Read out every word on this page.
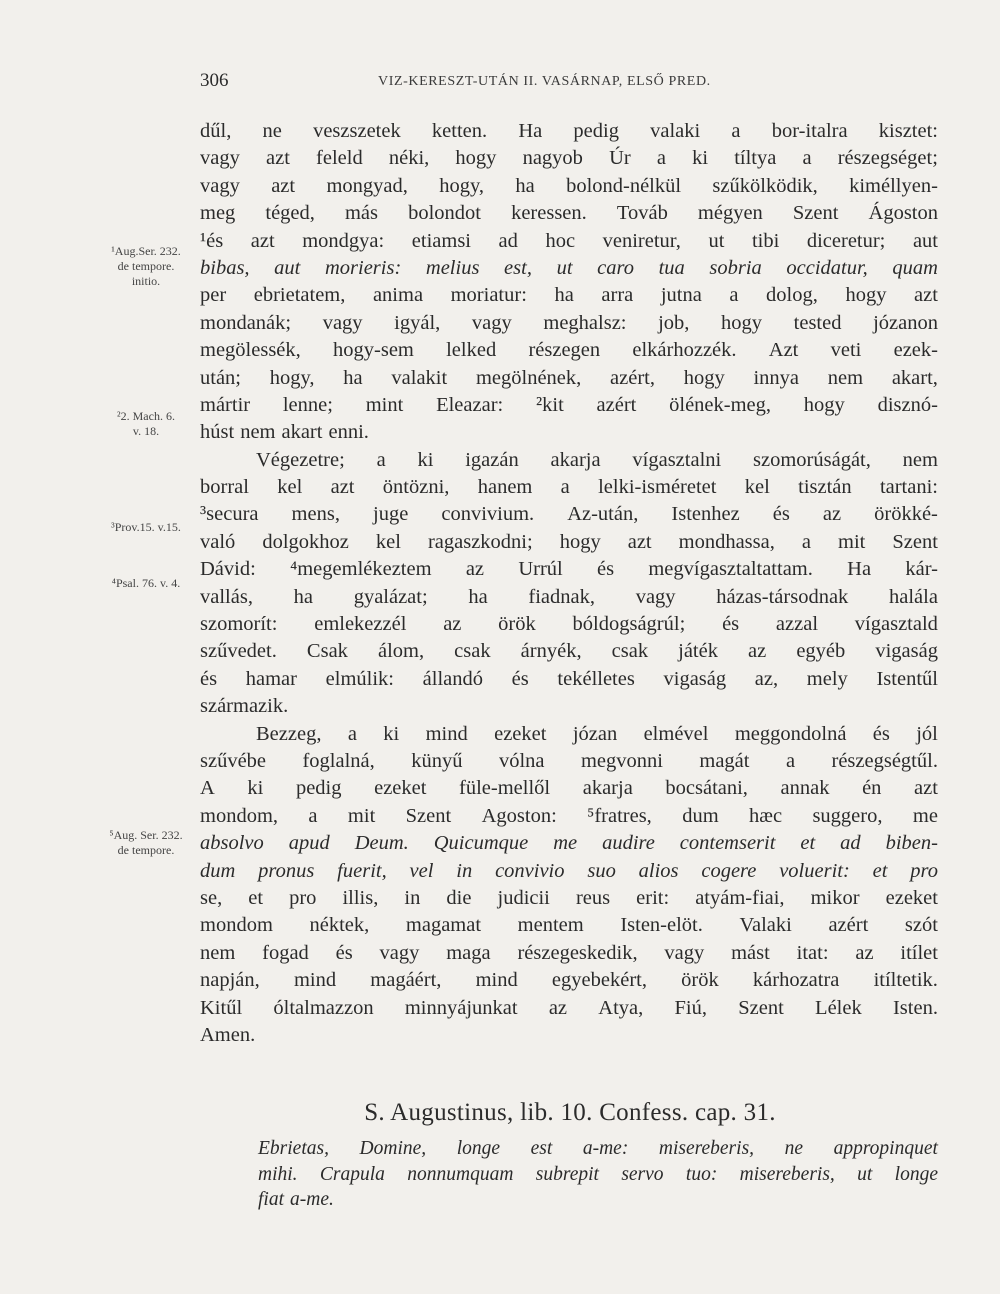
306	VIZ-KERESZT-UTÁN II. VASÁRNAP, ELSŐ PRED.
¹Aug.Ser. 232.
de tempore.
initio.
²2. Mach. 6.
v. 18.
³Prov.15. v.15.
⁴Psal. 76. v. 4.
⁵Aug. Ser. 232.
de tempore.
dűl, ne veszszetek ketten. Ha pedig valaki a bor-italra kisztet:
vagy azt feleld néki, hogy nagyob Úr a ki tíltya a részegséget;
vagy azt mongyad, hogy, ha bolond-nélkül szűkölködik, kiméllyen-
meg téged, más bolondot keressen. Továb mégyen Szent Ágoston
¹és azt mondgya: etiamsi ad hoc veniretur, ut tibi diceretur; aut
bibas, aut morieris: melius est, ut caro tua sobria occidatur, quam
per ebrietatem, anima moriatur: ha arra jutna a dolog, hogy azt
mondanák; vagy igyál, vagy meghalsz: job, hogy tested józanon
megölessék, hogy-sem lelked részegen elkárhozzék. Azt veti ezek-
után; hogy, ha valakit megölnének, azért, hogy innya nem akart,
mártir lenne; mint Eleazar: ²kit azért ölének-meg, hogy disznó-
húst nem akart enni.
Végezetre; a ki igazán akarja vígasztalni szomorúságát, nem
borral kel azt öntözni, hanem a lelki-isméretet kel tisztán tartani:
³secura mens, juge convivium. Az-után, Istenhez és az örökké-
való dolgokhoz kel ragaszkodni; hogy azt mondhassa, a mit Szent
Dávid: ⁴megemlékeztem az Urrúl és megvígasztaltattam. Ha kár-
vallás, ha gyalázat; ha fiadnak, vagy házas-társodnak halála
szomorít: emlekezzél az örök bóldogságrúl; és azzal vígasztald
szűvedet. Csak álom, csak árnyék, csak játék az egyéb vigaság
és hamar elmúlik: állandó és tekélletes vigaság az, mely Istentűl
származik.
Bezzeg, a ki mind ezeket józan elmével meggondolná és jól
szűvébe foglalná, künyű vólna megvonni magát a részegségtűl.
A ki pedig ezeket füle-mellől akarja bocsátani, annak én azt
mondom, a mit Szent Agoston: ⁵fratres, dum hæc suggero, me
absolvo apud Deum. Quicumque me audire contemserit et ad biben-
dum pronus fuerit, vel in convivio suo alios cogere voluerit: et pro
se, et pro illis, in die judicii reus erit: atyám-fiai, mikor ezeket
mondom néktek, magamat mentem Isten-elöt. Valaki azért szót
nem fogad és vagy maga részegeskedik, vagy mást itat: az itílet
napján, mind magáért, mind egyebekért, örök kárhozatra itíltetik.
Kitűl óltalmazzon minnyájunkat az Atya, Fiú, Szent Lélek Isten.
Amen.
S. Augustinus, lib. 10. Confess. cap. 31.
Ebrietas, Domine, longe est a-me: misereberis, ne appropinquet
mihi. Crapula nonnumquam subrepit servo tuo: misereberis, ut longe
fiat a-me.
